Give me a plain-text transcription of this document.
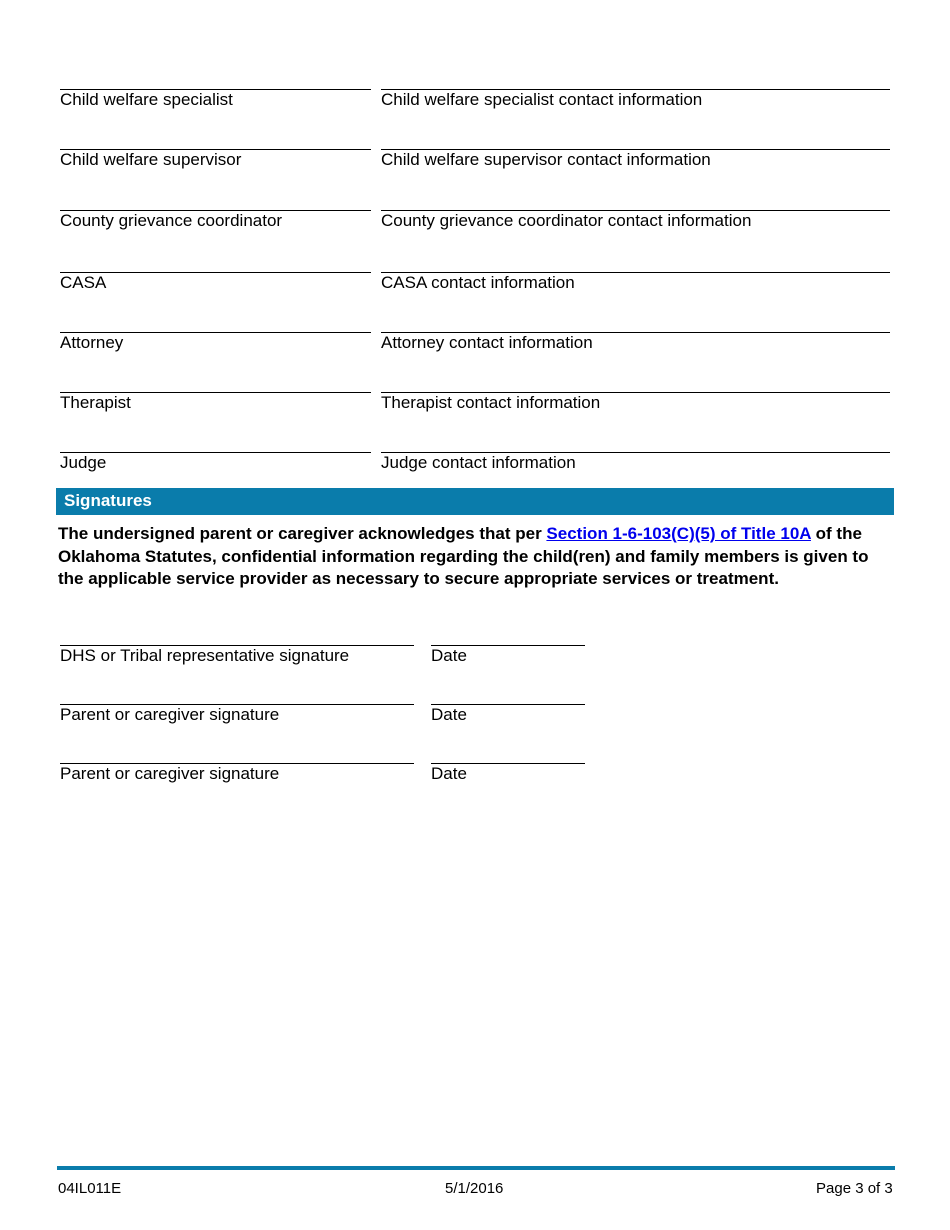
Child welfare specialist	Child welfare specialist contact information
Child welfare supervisor	Child welfare supervisor contact information
County grievance coordinator	County grievance coordinator contact information
CASA	CASA contact information
Attorney	Attorney contact information
Therapist	Therapist contact information
Judge	Judge contact information
Signatures
The undersigned parent or caregiver acknowledges that per Section 1-6-103(C)(5) of Title 10A of the Oklahoma Statutes, confidential information regarding the child(ren) and family members is given to the applicable service provider as necessary to secure appropriate services or treatment.
DHS or Tribal representative signature	Date
Parent or caregiver signature	Date
Parent or caregiver signature	Date
04IL011E	5/1/2016	Page 3 of 3
